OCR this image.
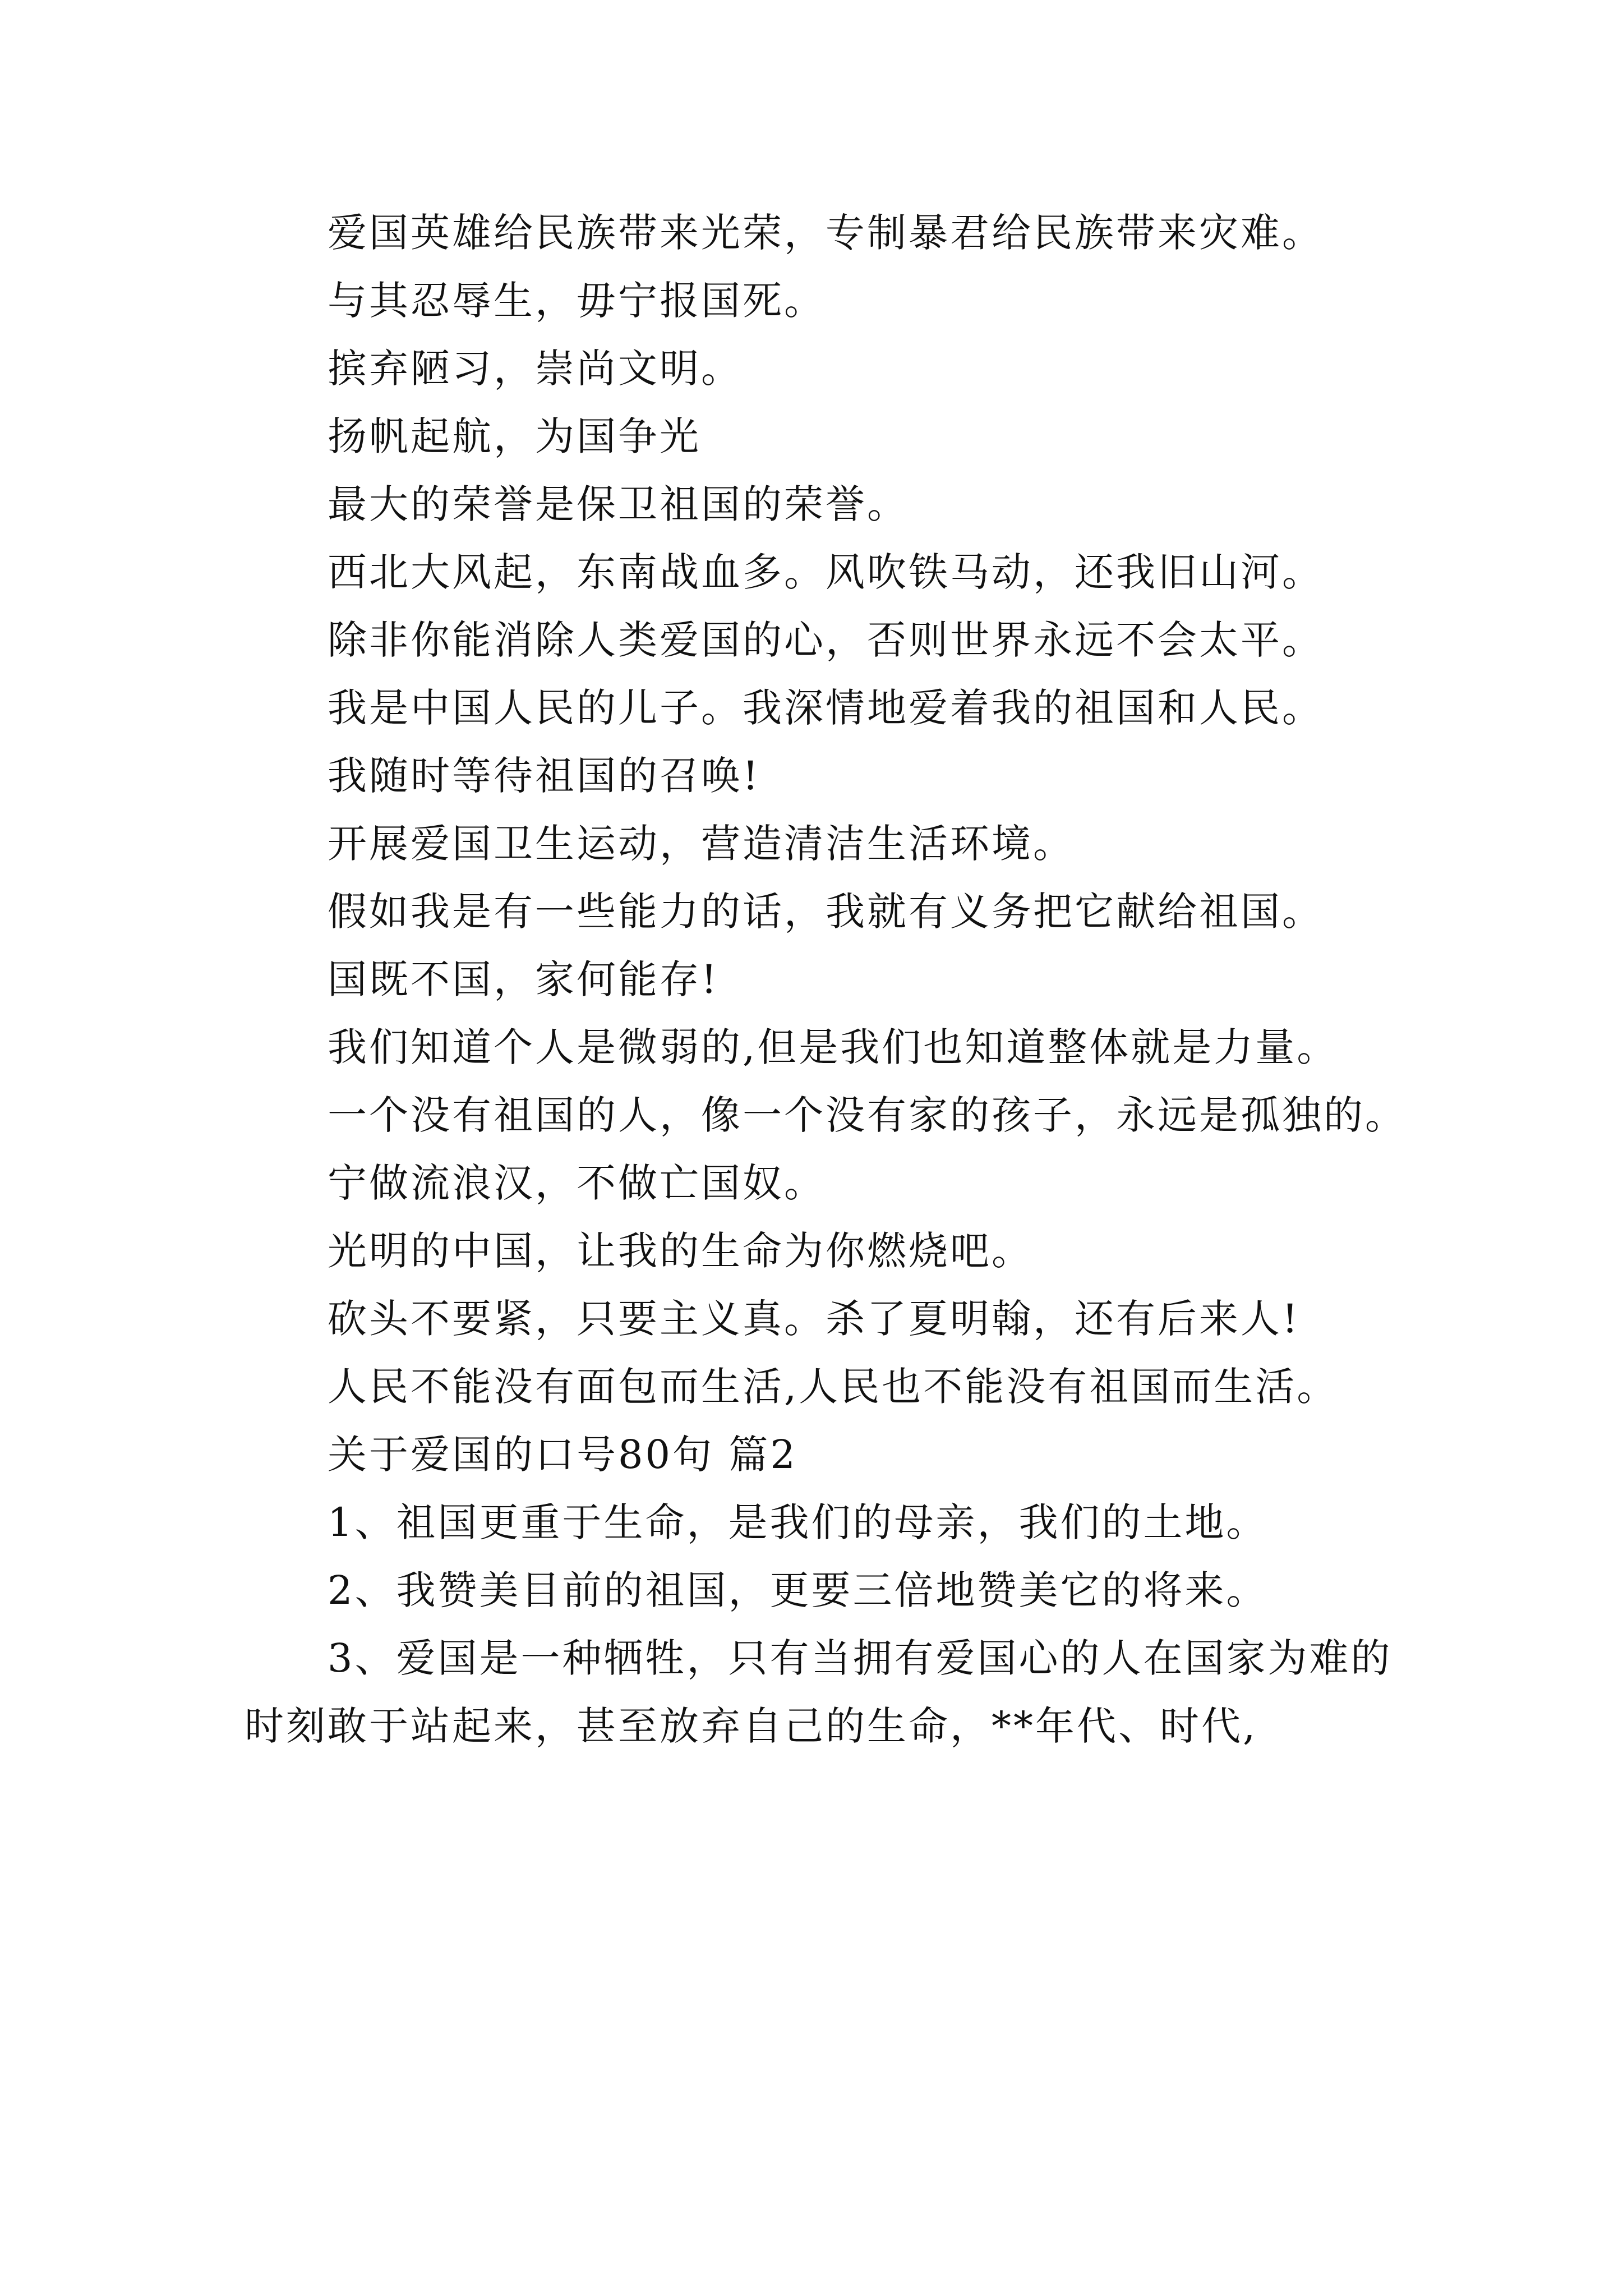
爱国英雄给民族带来光荣，专制暴君给民族带来灾难。

与其忍辱生，毋宁报国死。

摈弃陋习，崇尚文明。

扬帆起航，为国争光

最大的荣誉是保卫祖国的荣誉。

西北大风起，东南战血多。风吹铁马动，还我旧山河。

除非你能消除人类爱国的心，否则世界永远不会太平。

我是中国人民的儿子。我深情地爱着我的祖国和人民。

我随时等待祖国的召唤!

开展爱国卫生运动，营造清洁生活环境。

假如我是有一些能力的话，我就有义务把它献给祖国。

国既不国，家何能存!

我们知道个人是微弱的,但是我们也知道整体就是力量。

一个没有祖国的人，像一个没有家的孩子，永远是孤独的。

宁做流浪汉，不做亡国奴。

光明的中国，让我的生命为你燃烧吧。

砍头不要紧，只要主义真。杀了夏明翰，还有后来人!

人民不能没有面包而生活,人民也不能没有祖国而生活。

关于爱国的口号80句 篇2

1、祖国更重于生命，是我们的母亲，我们的土地。

2、我赞美目前的祖国，更要三倍地赞美它的将来。

3、爱国是一种牺牲，只有当拥有爱国心的人在国家为难的时刻敢于站起来，甚至放弃自己的生命，**年代、时代,
